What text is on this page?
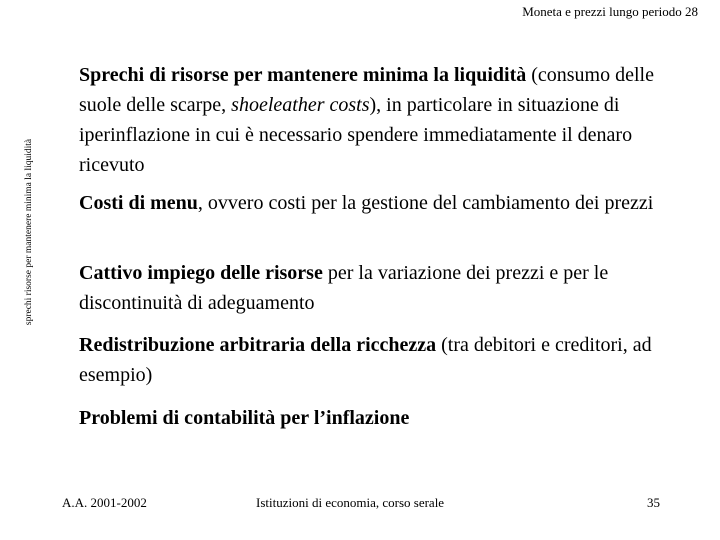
Moneta e prezzi lungo periodo 28
sprechi risorse per mantenere minima la liquidità

Sprechi di risorse per mantenere minima la liquidità (consumo delle suole delle scarpe, shoeleather costs), in particolare in situazione di iperinflazione in cui è necessario spendere immediatamente il denaro ricevuto

Costi di menu, ovvero costi per la gestione del cambiamento dei prezzi

Cattivo impiego delle risorse per la variazione dei prezzi e per le discontinuità di adeguamento

Redistribuzione arbitraria della ricchezza (tra debitori e creditori, ad esempio)

Problemi di contabilità per l’inflazione

A.A. 2001-2002	Istituzioni di economia, corso serale	35
